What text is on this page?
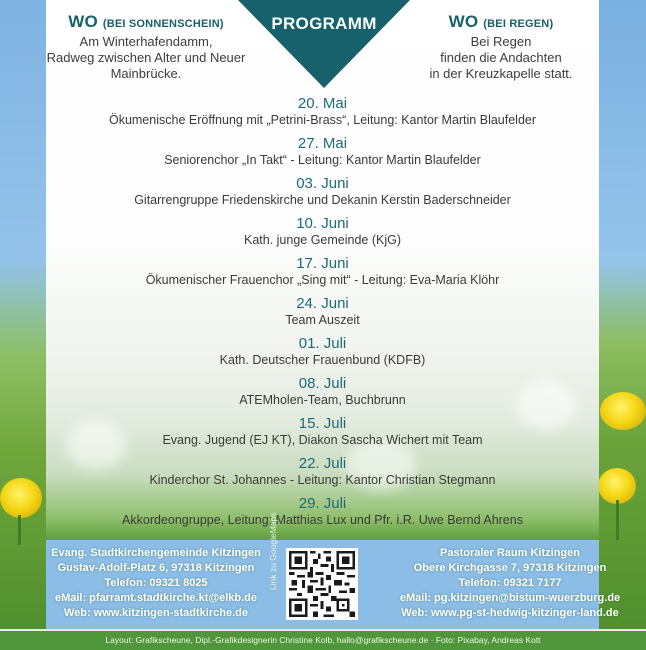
WO (BEI SONNENSCHEIN)
Am Winterhafendamm,
Radweg zwischen Alter und Neuer
Mainbrücke.
PROGRAMM	WO (BEI REGEN)
Bei Regen
finden die Andachten
in der Kreuzkapelle statt.
20. Mai
Ökumenische Eröffnung mit „Petrini-Brass“, Leitung: Kantor Martin Blaufelder
27. Mai
Seniorenchor „In Takt“ - Leitung: Kantor Martin Blaufelder
03. Juni
Gitarrengruppe Friedenskirche und Dekanin Kerstin Baderschneider
10. Juni
Kath. junge Gemeinde (KjG)
17. Juni
Ökumenischer Frauenchor „Sing mit“ - Leitung: Eva-Maria Klöhr
24. Juni
Team Auszeit
01. Juli
Kath. Deutscher Frauenbund (KDFB)
08. Juli
ATEMholen-Team, Buchbrunn
15. Juli
Evang. Jugend (EJ KT), Diakon Sascha Wichert mit Team
22. Juli
Kinderchor St. Johannes - Leitung: Kantor Christian Stegmann
29. Juli
Akkordeongruppe, Leitung: Matthias Lux und Pfr. i.R. Uwe Bernd Ahrens
Evang. Stadtkirchengemeinde Kitzingen
Gustav-Adolf-Platz 6, 97318 Kitzingen
Telefon: 09321 8025
eMail: pfarramt.stadtkirche.kt@elkb.de
Web: www.kitzingen-stadtkirche.de
Link zu GoogleMaps	Pastoraler Raum Kitzingen
Obere Kirchgasse 7, 97318 Kitzingen
Telefon: 09321 7177
eMail: pg.kitzingen@bistum-wuerzburg.de
Web: www.pg-st-hedwig-kitzinger-land.de
Layout: Grafikscheune, Dipl.-Grafikdesignerin Christine Kolb, hallo@grafikscheune.de · Foto: Pixabay, Andreas Kott
